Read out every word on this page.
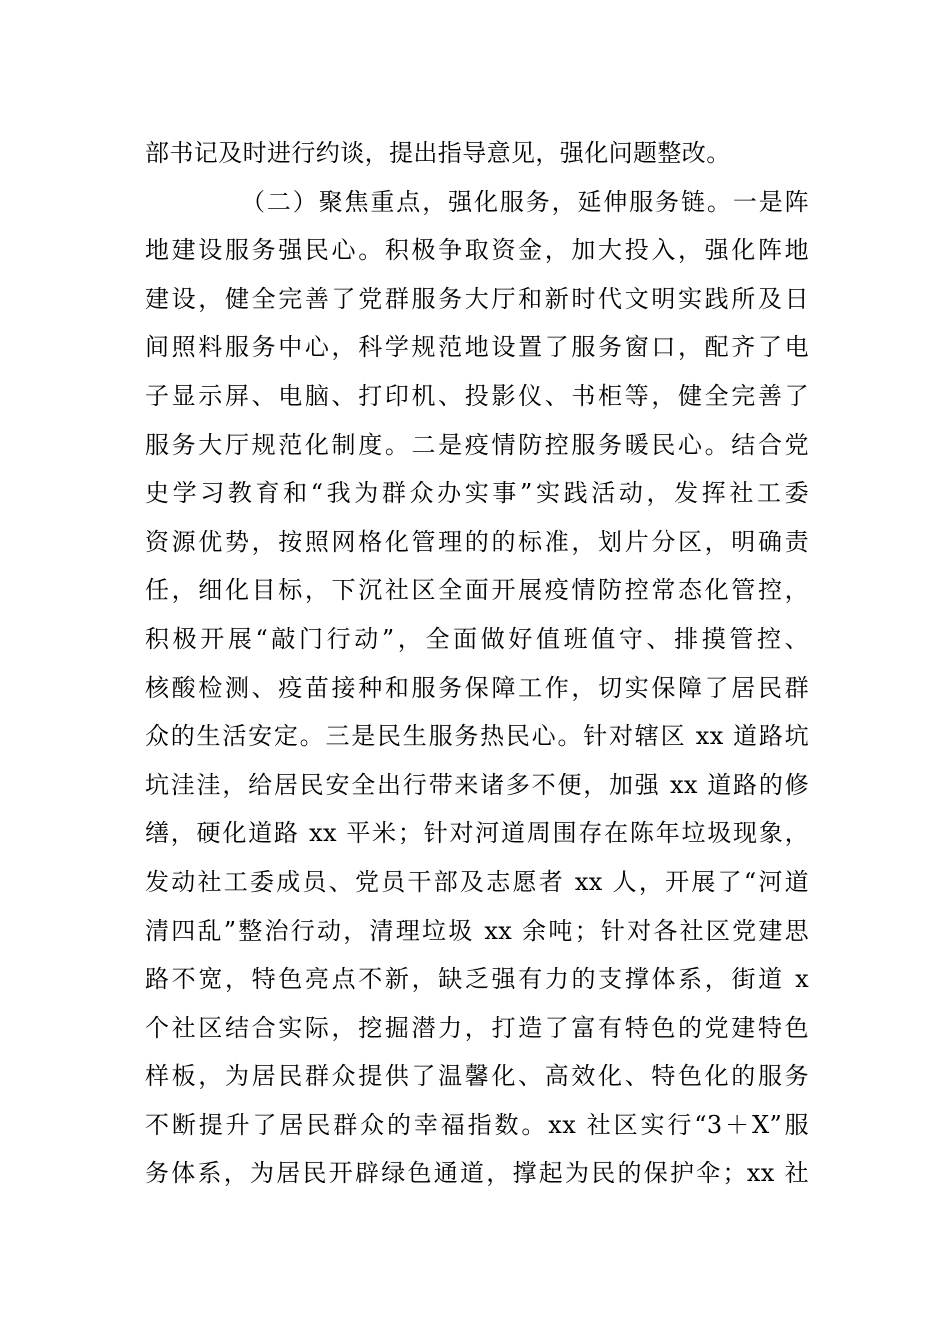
部书记及时进行约谈，提出指导意见，强化问题整改。
（二）聚焦重点，强化服务，延伸服务链。一是阵
地建设服务强民心。积极争取资金，加大投入，强化阵地
建设，健全完善了党群服务大厅和新时代文明实践所及日
间照料服务中心，科学规范地设置了服务窗口，配齐了电
子显示屏、电脑、打印机、投影仪、书柜等，健全完善了
服务大厅规范化制度。二是疫情防控服务暖民心。结合党
史学习教育和“我为群众办实事”实践活动，发挥社工委
资源优势，按照网格化管理的的标准，划片分区，明确责
任，细化目标，下沉社区全面开展疫情防控常态化管控，
积极开展“敲门行动”，全面做好值班值守、排摸管控、
核酸检测、疫苗接种和服务保障工作，切实保障了居民群
众的生活安定。三是民生服务热民心。针对辖区 xx 道路坑
坑洼洼，给居民安全出行带来诸多不便，加强 xx 道路的修
缮，硬化道路 xx 平米；针对河道周围存在陈年垃圾现象，
发动社工委成员、党员干部及志愿者 xx 人，开展了“河道
清四乱”整治行动，清理垃圾 xx 余吨；针对各社区党建思
路不宽，特色亮点不新，缺乏强有力的支撑体系，街道 x
个社区结合实际，挖掘潜力，打造了富有特色的党建特色
样板，为居民群众提供了温馨化、高效化、特色化的服务
不断提升了居民群众的幸福指数。xx 社区实行“3＋X”服
务体系，为居民开辟绿色通道，撑起为民的保护伞；xx 社
